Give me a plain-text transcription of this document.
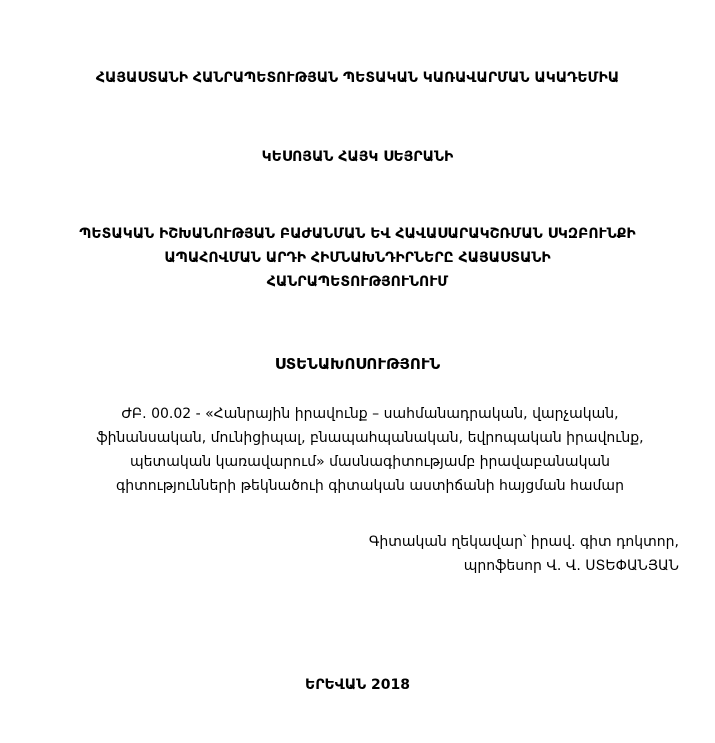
ՀԱՅԱՍՏԱՆԻ ՀԱՆՐԱՊԵՏՈՒԹՅԱՆ ՊԵՏԱԿԱՆ ԿԱՌԱՎԱՐՄԱՆ ԱԿԱԴԵՄԻԱ
ԿԵՍՈՅԱՆ ՀԱՅԿ ՍԵՅՐԱՆԻ
ՊԵՏԱԿԱՆ ԻՇԽԱՆՈՒԹՅԱՆ ԲԱԺԱՆՄԱՆ ԵՎ ՀԱՎԱՍԱՐԱԿՇՌՄԱՆ ՍԿԶԲՈՒՆՔԻ
ԱՊԱՀՈՎՄԱՆ ԱՐԴԻ ՀԻՄՆԱԽՆԴԻՐՆԵՐԸ ՀԱՅԱՍՏԱՆԻ
ՀԱՆՐԱՊԵՏՈՒԹՅՈՒՆՈՒՄ
ՍՏԵՆԱԽՈՍՈՒԹՅՈՒՆ
ԺԲ. 00.02 - «Հանրային իրավունք – սահմանադրական, վարչական,
ֆինանսական, մունիցիպալ, բնապահպանական, եվրոպական իրավունք,
պետական կառավարում» մասնագիտությամբ իրավաբանական
գիտությունների թեկնածուի գիտական աստիճանի հայցման համար
Գիտական ղեկավար՝ իրավ. գիտ դոկտոր,
պրոֆեսոր Վ. Վ. ՍՏԵՓԱՆՅԱՆ
ԵՐԵՎԱՆ 2018
